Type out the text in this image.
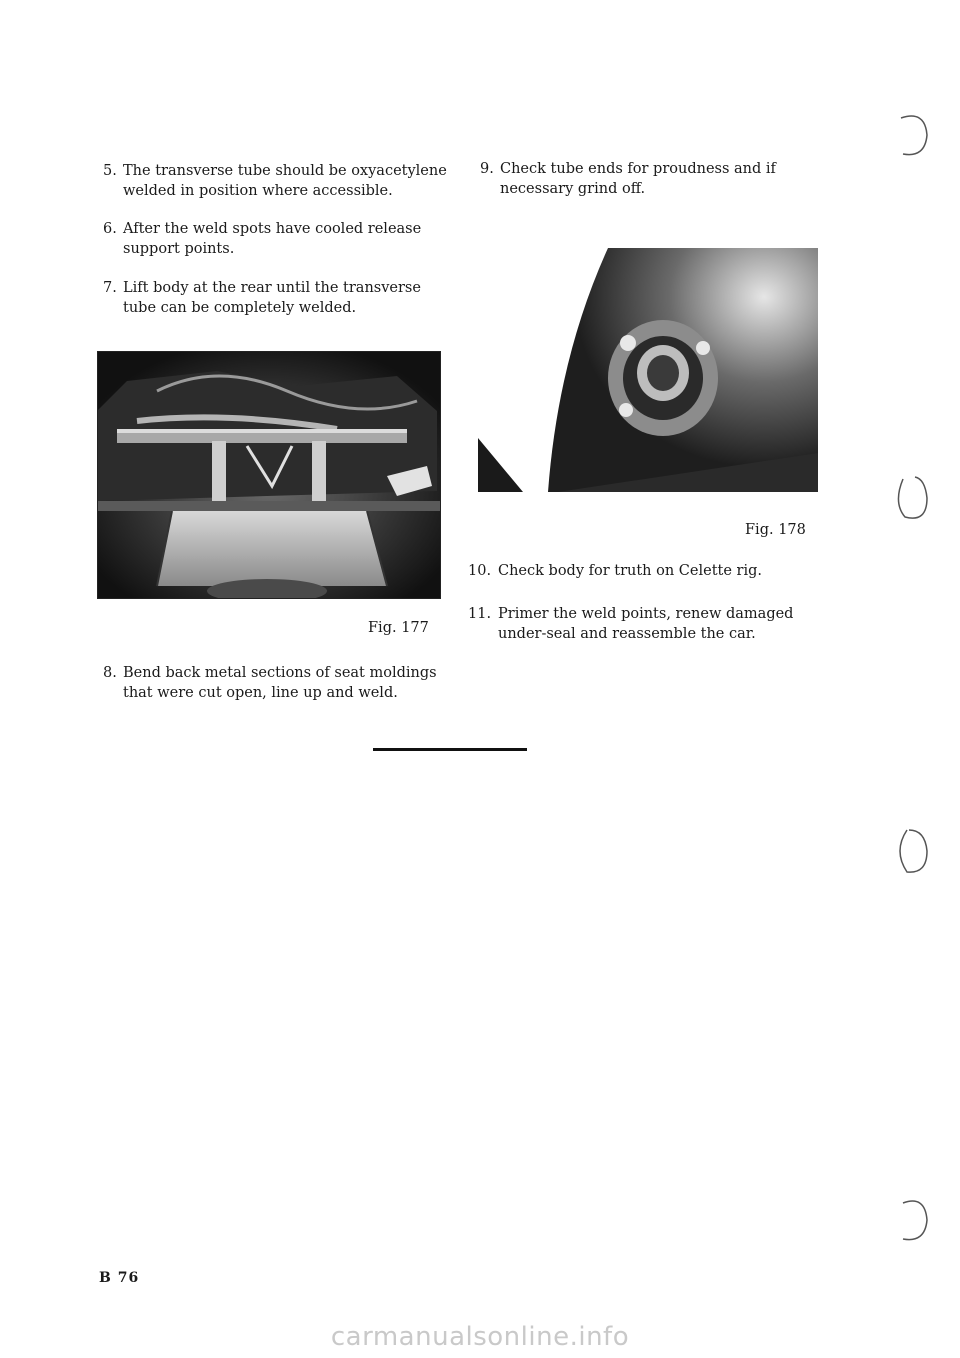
5. The transverse tube should be oxyacetylene welded in position where accessible.
6. After the weld spots have cooled release support points.
7. Lift body at the rear until the transverse tube can be completely welded.
Fig. 177
8. Bend back metal sections of seat moldings that were cut open, line up and weld.
9. Check tube ends for proudness and if necessary grind off.
Fig. 178
10. Check body for truth on Celette rig.
11. Primer the weld points, renew damaged under-seal and reassemble the car.
B 76
carmanualsonline.info
